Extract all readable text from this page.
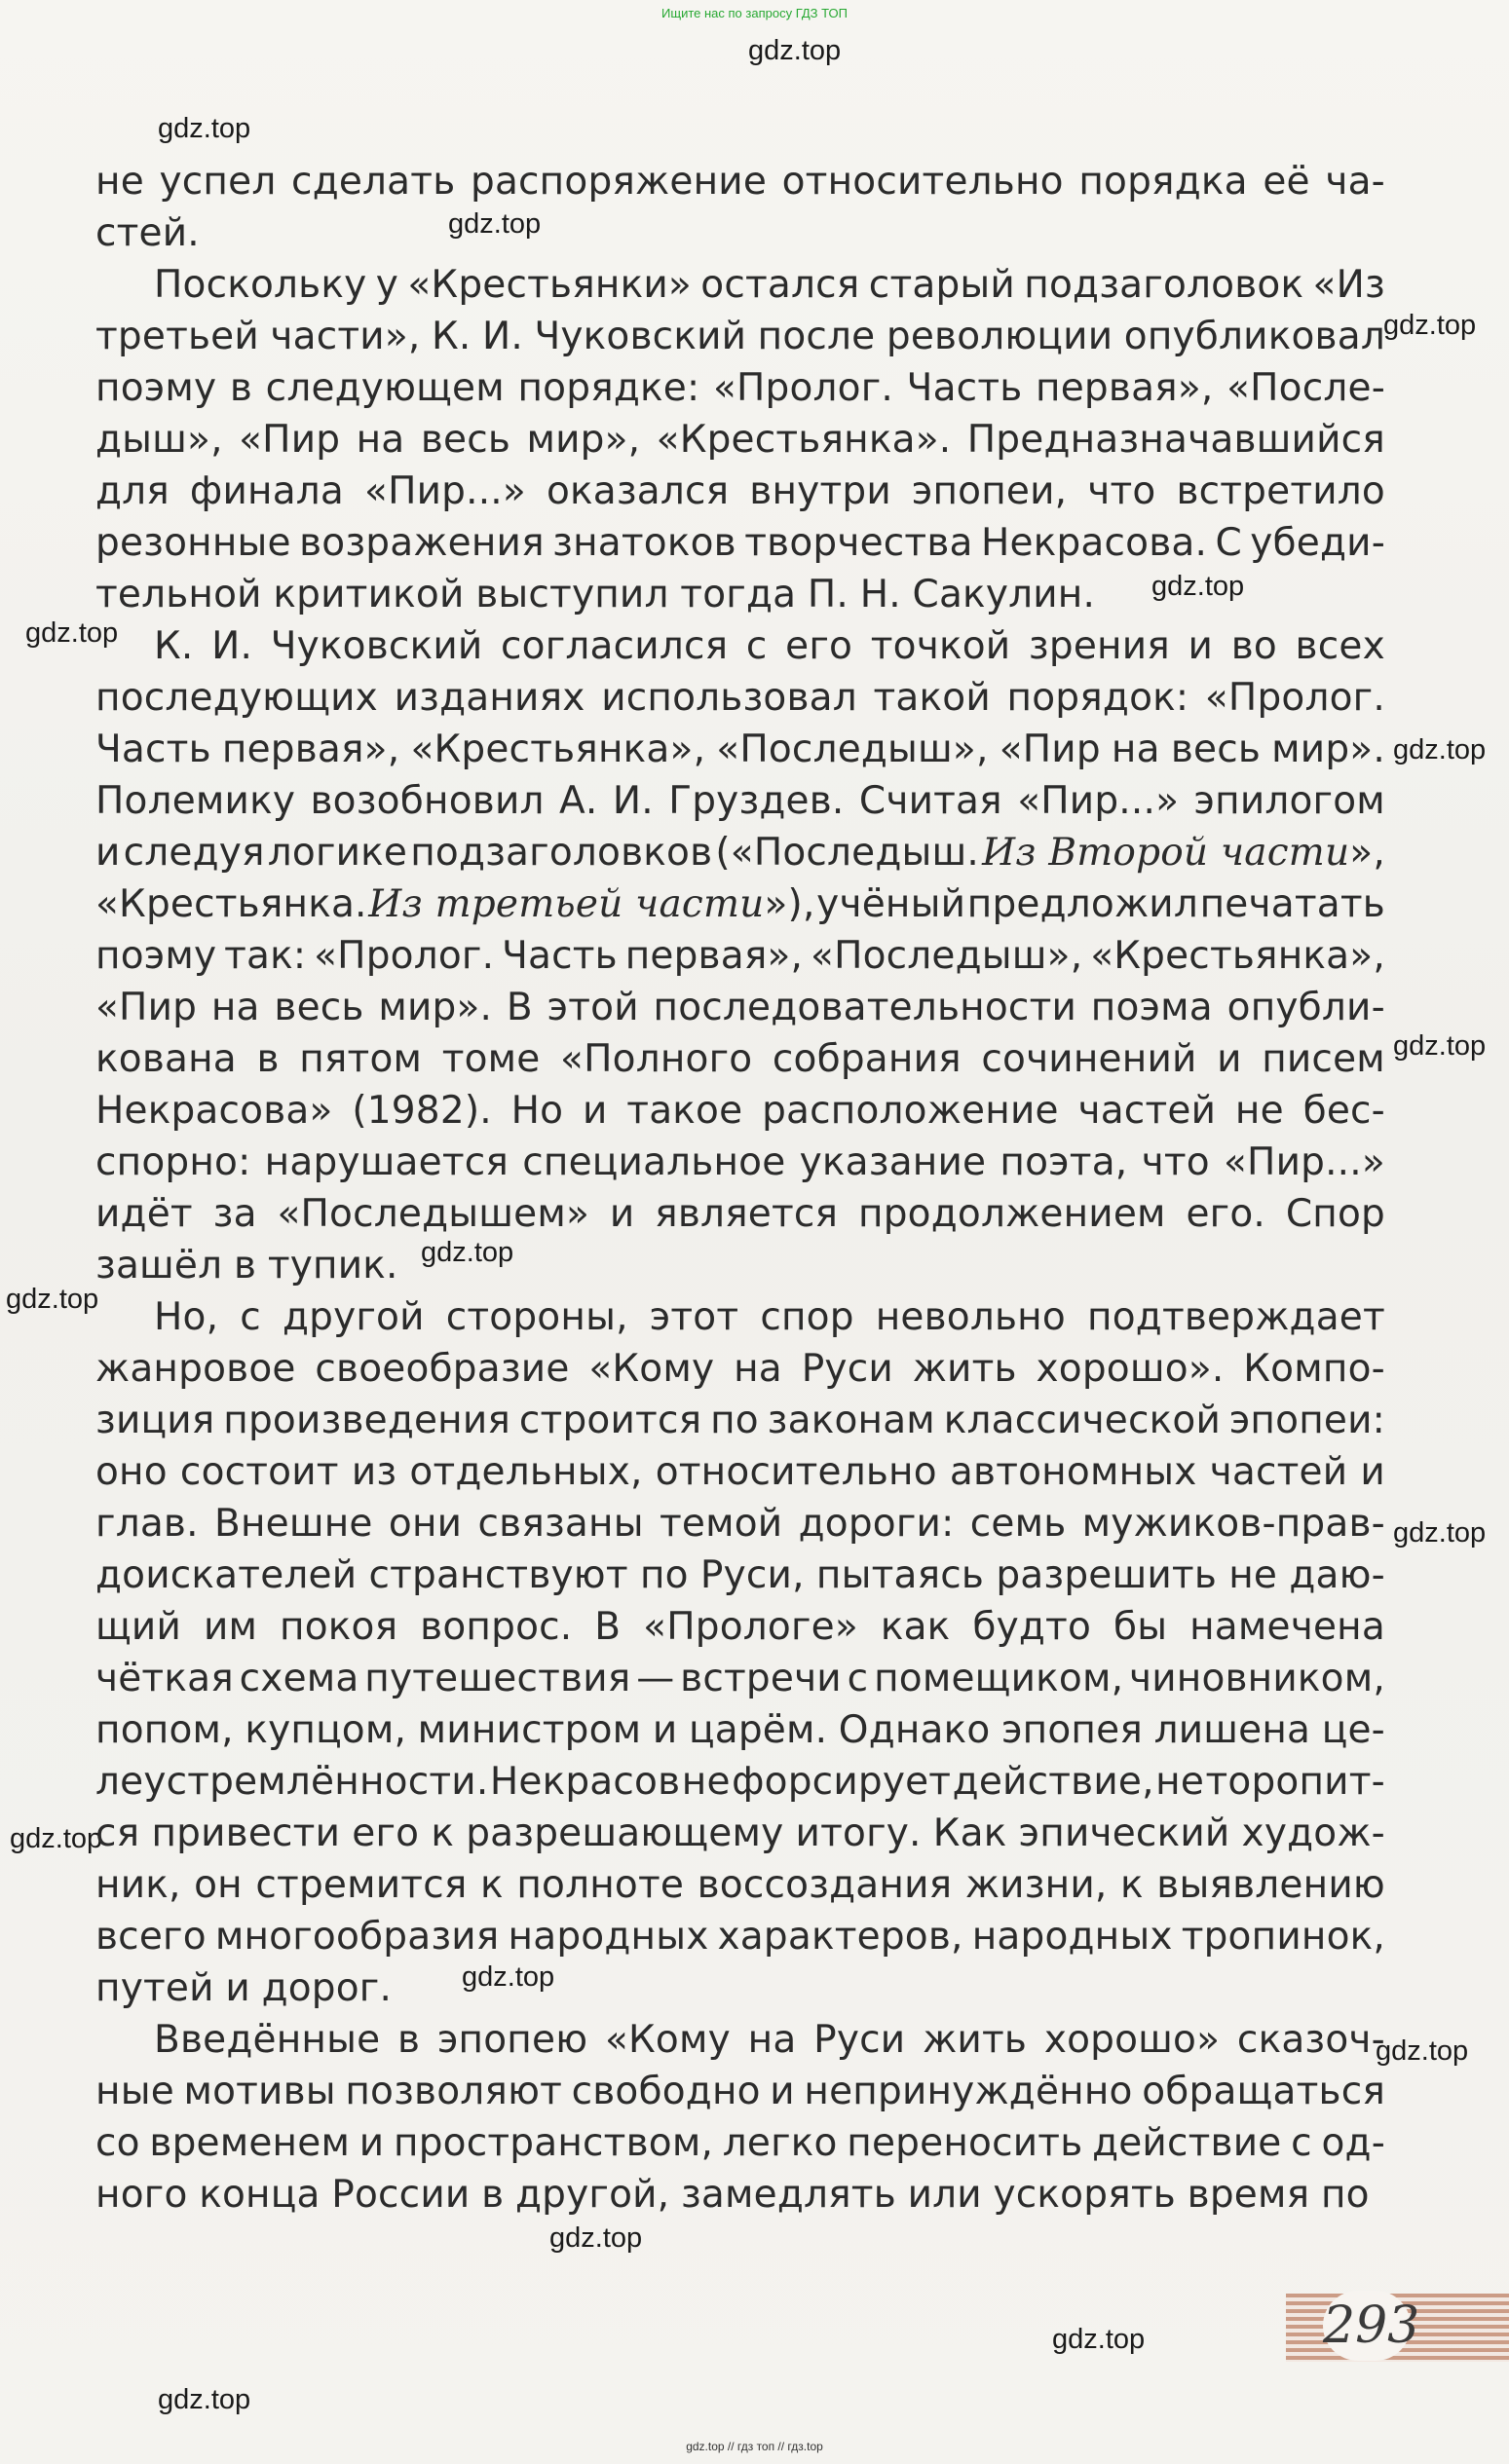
Ищите нас по запросу ГДЗ ТОП
gdz.top
gdz.top
gdz.top
gdz.top
gdz.top
gdz.top
gdz.top
gdz.top
gdz.top
gdz.top
gdz.top
gdz.top
gdz.top
gdz.top
gdz.top
gdz.top
gdz.top
не успел сделать распоряжение относительно порядка её ча-
стей.
Поскольку у «Крестьянки» остался старый подзаголовок «Из
третьей части», К. И. Чуковский после революции опубликовал
поэму в следующем порядке: «Пролог. Часть первая», «После-
дыш», «Пир на весь мир», «Крестьянка». Предназначавшийся
для финала «Пир...» оказался внутри эпопеи, что встретило
резонные возражения знатоков творчества Некрасова. С убеди-
тельной критикой выступил тогда П. Н. Сакулин.
К. И. Чуковский согласился с его точкой зрения и во всех
последующих изданиях использовал такой порядок: «Пролог.
Часть первая», «Крестьянка», «Последыш», «Пир на весь мир».
Полемику возобновил А. И. Груздев. Считая «Пир...» эпилогом
и следуя логике подзаголовков («Последыш. Из Второй части»,
«Крестьянка. Из третьей части»), учёный предложил печатать
поэму так: «Пролог. Часть первая», «Последыш», «Крестьянка»,
«Пир на весь мир». В этой последовательности поэма опубли-
кована в пятом томе «Полного собрания сочинений и писем
Некрасова» (1982). Но и такое расположение частей не бес-
спорно: нарушается специальное указание поэта, что «Пир...»
идёт за «Последышем» и является продолжением его. Спор
зашёл в тупик.
Но, с другой стороны, этот спор невольно подтверждает
жанровое своеобразие «Кому на Руси жить хорошо». Компо-
зиция произведения строится по законам классической эпопеи:
оно состоит из отдельных, относительно автономных частей и
глав. Внешне они связаны темой дороги: семь мужиков-прав-
доискателей странствуют по Руси, пытаясь разрешить не даю-
щий им покоя вопрос. В «Прологе» как будто бы намечена
чёткая схема путешествия — встречи с помещиком, чиновником,
попом, купцом, министром и царём. Однако эпопея лишена це-
леустремлённости. Некрасов не форсирует действие, не торопит-
ся привести его к разрешающему итогу. Как эпический худож-
ник, он стремится к полноте воссоздания жизни, к выявлению
всего многообразия народных характеров, народных тропинок,
путей и дорог.
Введённые в эпопею «Кому на Руси жить хорошо» сказоч-
ные мотивы позволяют свободно и непринуждённо обращаться
со временем и пространством, легко переносить действие с од-
ного конца России в другой, замедлять или ускорять время по
293
gdz.top // гдз топ // гдз.top
